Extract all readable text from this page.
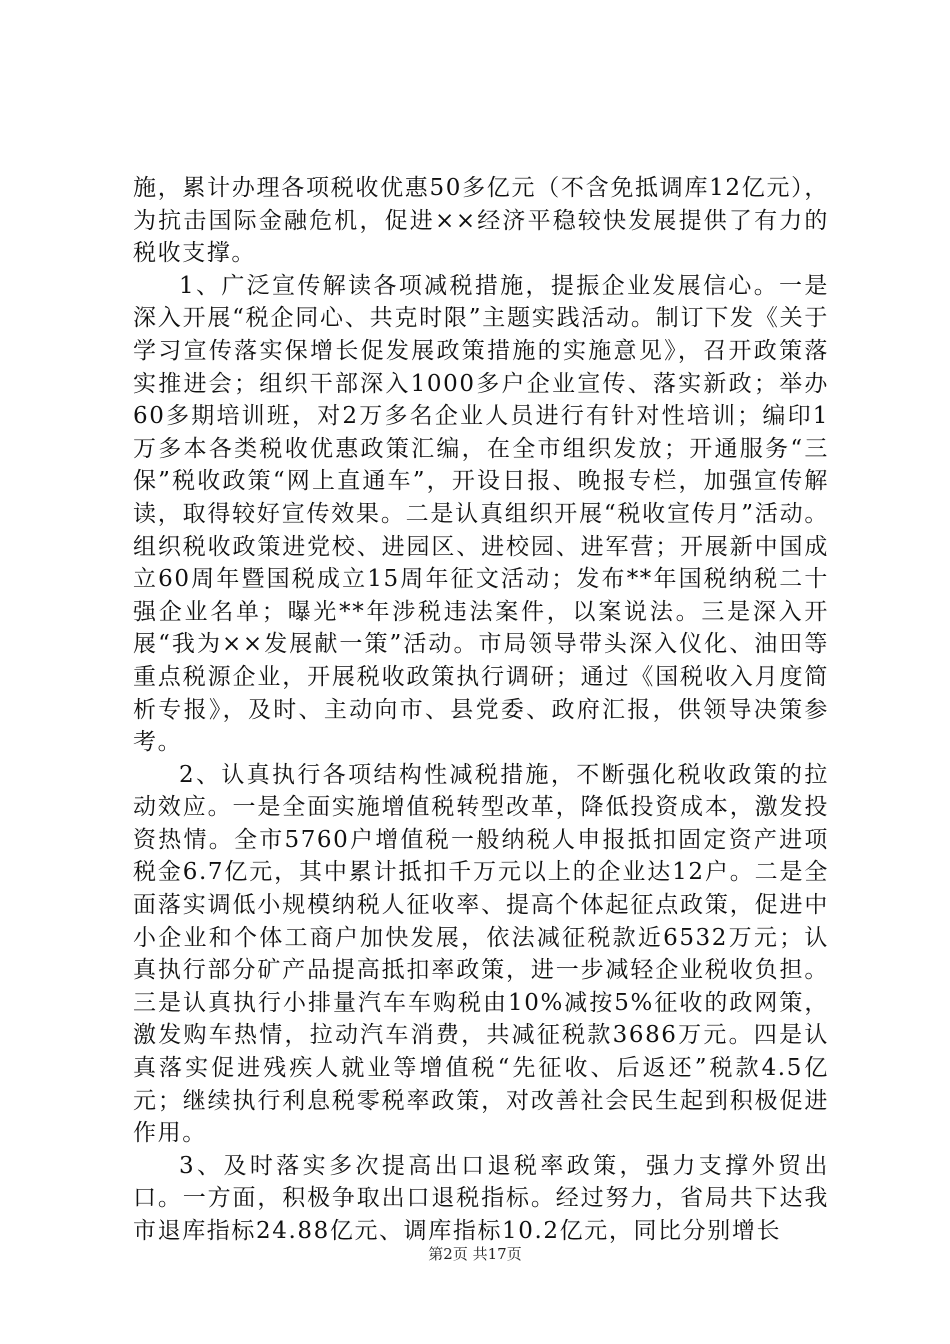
施，累计办理各项税收优惠50多亿元（不含免抵调库12亿元），为抗击国际金融危机，促进××经济平稳较快发展提供了有力的税收支撑。

1、广泛宣传解读各项减税措施，提振企业发展信心。一是深入开展“税企同心、共克时限”主题实践活动。制订下发《关于学习宣传落实保增长促发展政策措施的实施意见》，召开政策落实推进会；组织干部深入1000多户企业宣传、落实新政；举办60多期培训班，对2万多名企业人员进行有针对性培训；编印1万多本各类税收优惠政策汇编，在全市组织发放；开通服务“三保”税收政策“网上直通车”，开设日报、晚报专栏，加强宣传解读，取得较好宣传效果。二是认真组织开展“税收宣传月”活动。组织税收政策进党校、进园区、进校园、进军营；开展新中国成立60周年暨国税成立15周年征文活动；发布**年国税纳税二十强企业名单；曝光**年涉税违法案件，以案说法。三是深入开展“我为××发展献一策”活动。市局领导带头深入仪化、油田等重点税源企业，开展税收政策执行调研；通过《国税收入月度简析专报》，及时、主动向市、县党委、政府汇报，供领导决策参考。

2、认真执行各项结构性减税措施，不断强化税收政策的拉动效应。一是全面实施增值税转型改革，降低投资成本，激发投资热情。全市5760户增值税一般纳税人申报抵扣固定资产进项税金6.7亿元，其中累计抵扣千万元以上的企业达12户。二是全面落实调低小规模纳税人征收率、提高个体起征点政策，促进中小企业和个体工商户加快发展，依法减征税款近6532万元；认真执行部分矿产品提高抵扣率政策，进一步减轻企业税收负担。三是认真执行小排量汽车车购税由10%减按5%征收的政网策，激发购车热情，拉动汽车消费，共减征税款3686万元。四是认真落实促进残疾人就业等增值税“先征收、后返还”税款4.5亿元；继续执行利息税零税率政策，对改善社会民生起到积极促进作用。

3、及时落实多次提高出口退税率政策，强力支撑外贸出口。一方面，积极争取出口退税指标。经过努力，省局共下达我市退库指标24.88亿元、调库指标10.2亿元，同比分别增长

第2页 共17页
